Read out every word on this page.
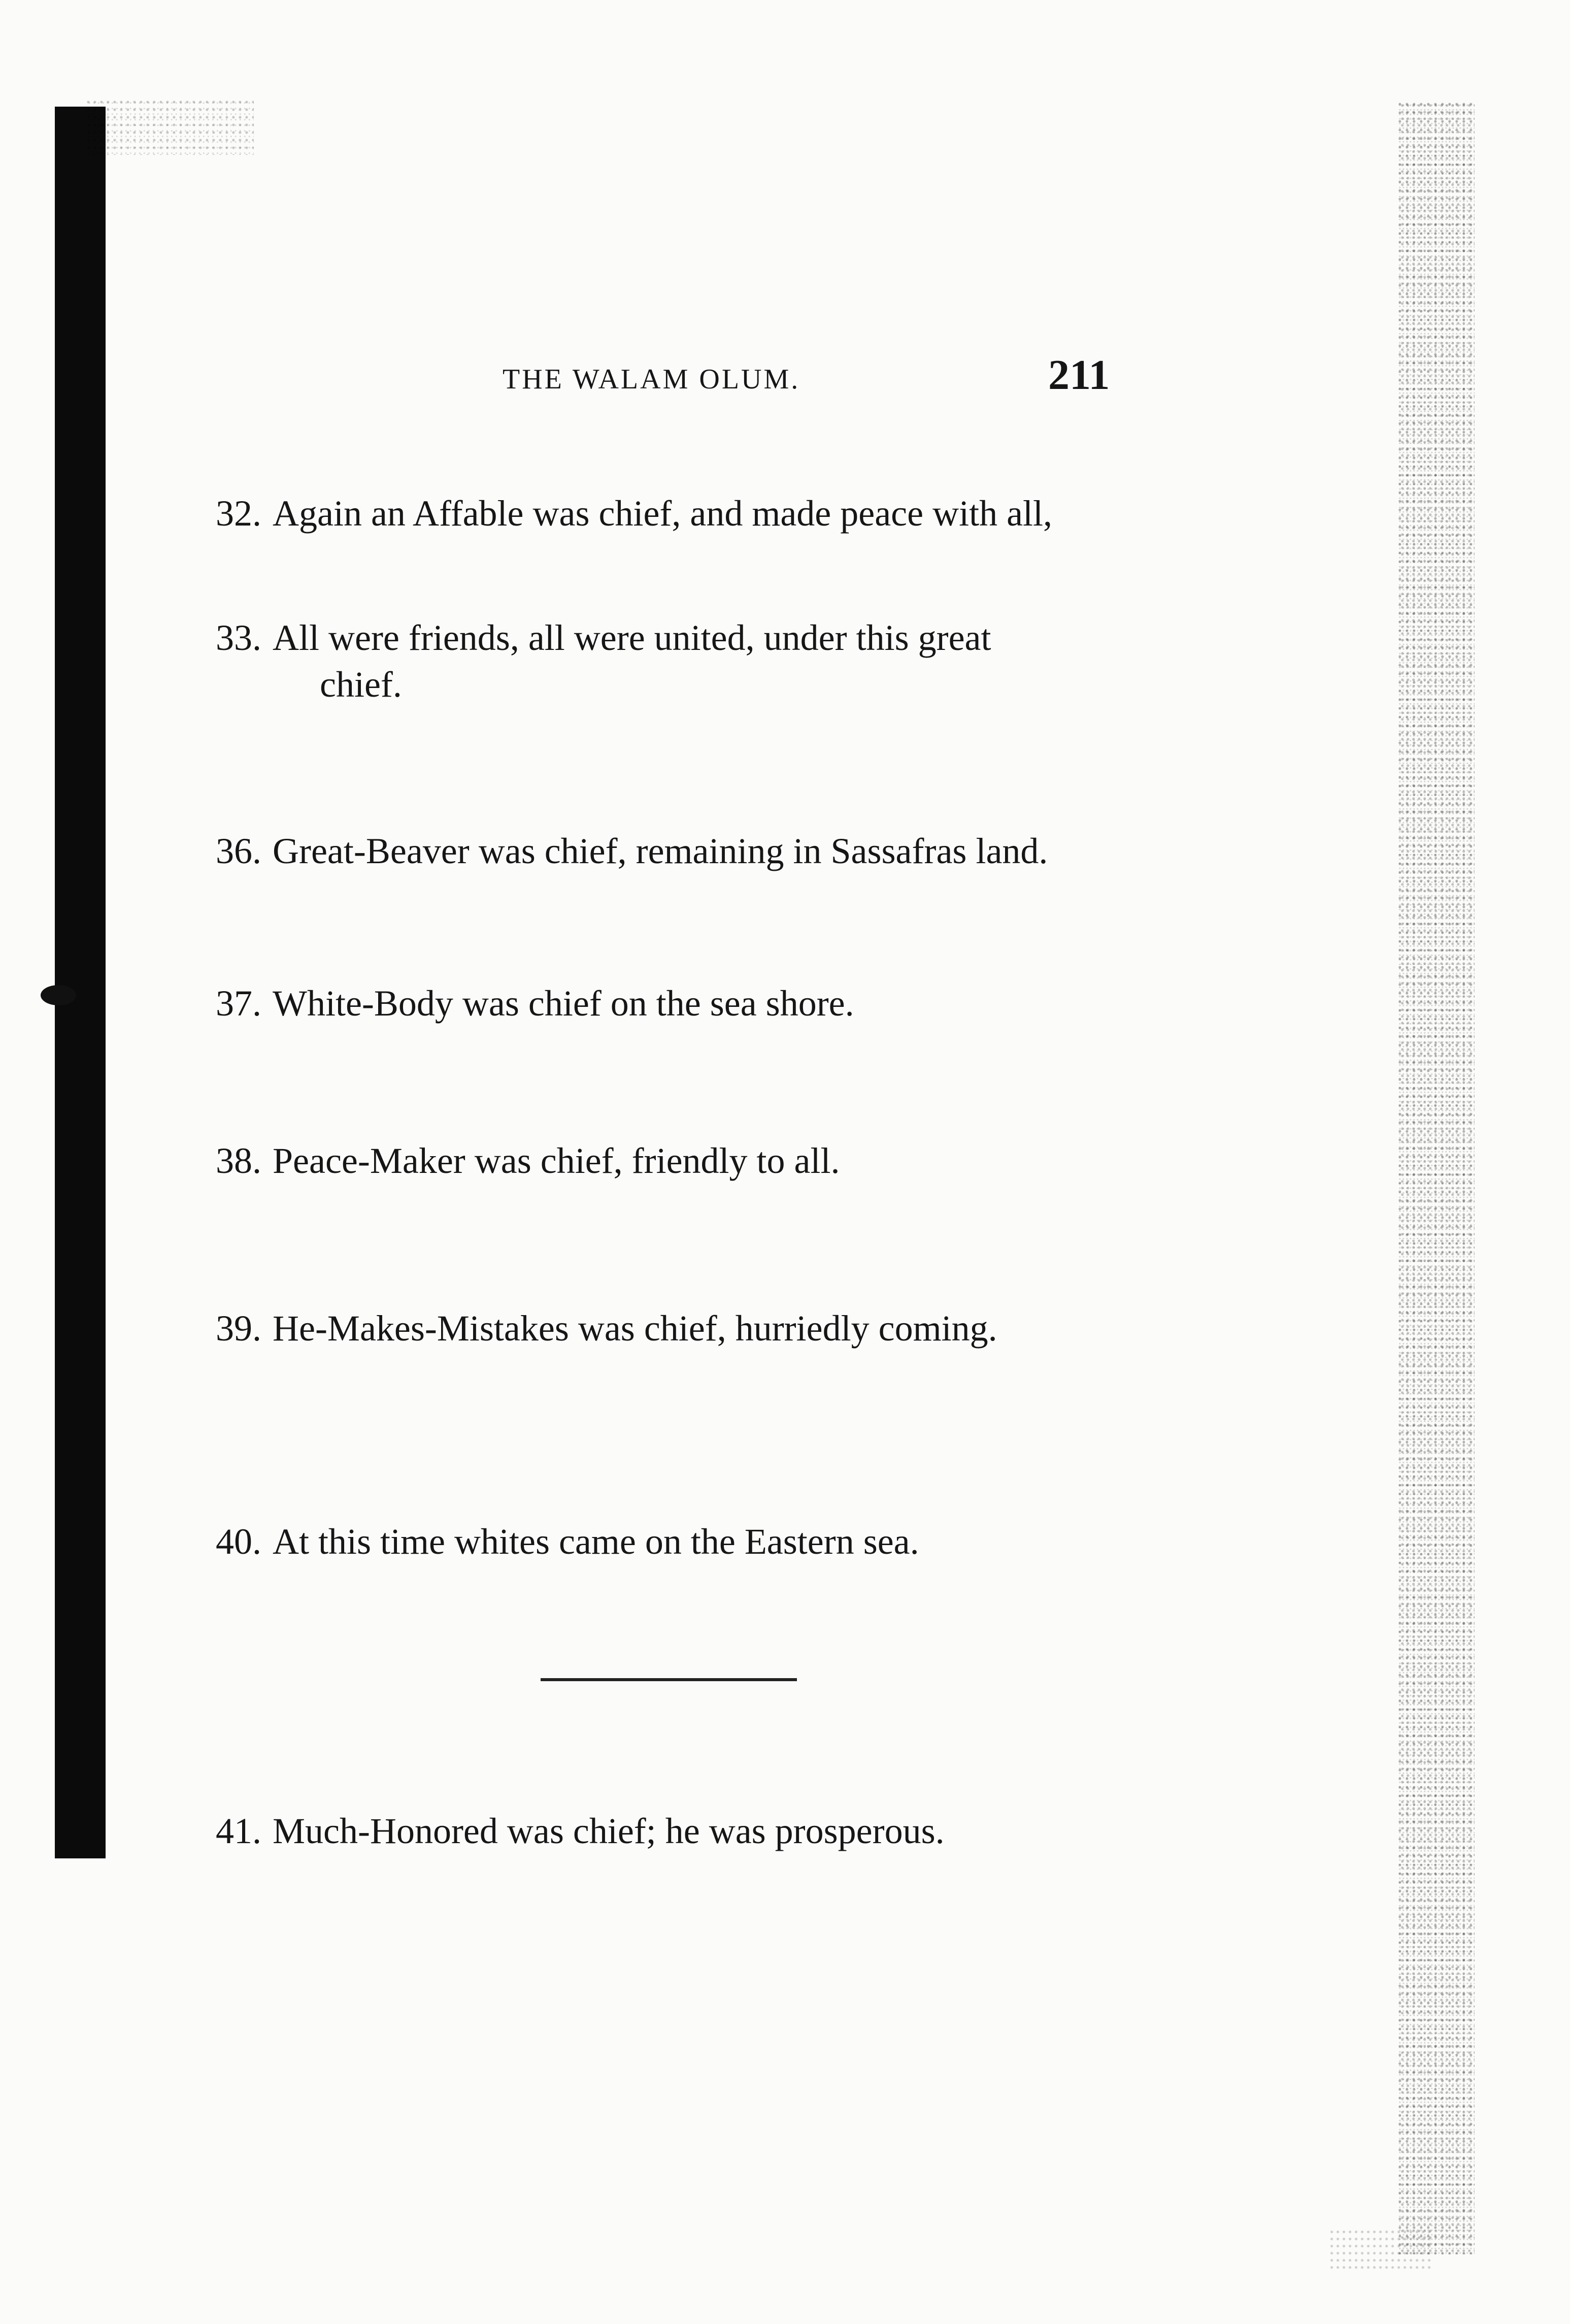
THE WALAM OLUM.	211
32. Again an Affable was chief, and made peace with all,
33. All were friends, all were united, under this great
chief.
36. Great-Beaver was chief, remaining in Sassafras land.
37. White-Body was chief on the sea shore.
38. Peace-Maker was chief, friendly to all.
39. He-Makes-Mistakes was chief, hurriedly coming.
40. At this time whites came on the Eastern sea.
41. Much-Honored was chief; he was prosperous.
